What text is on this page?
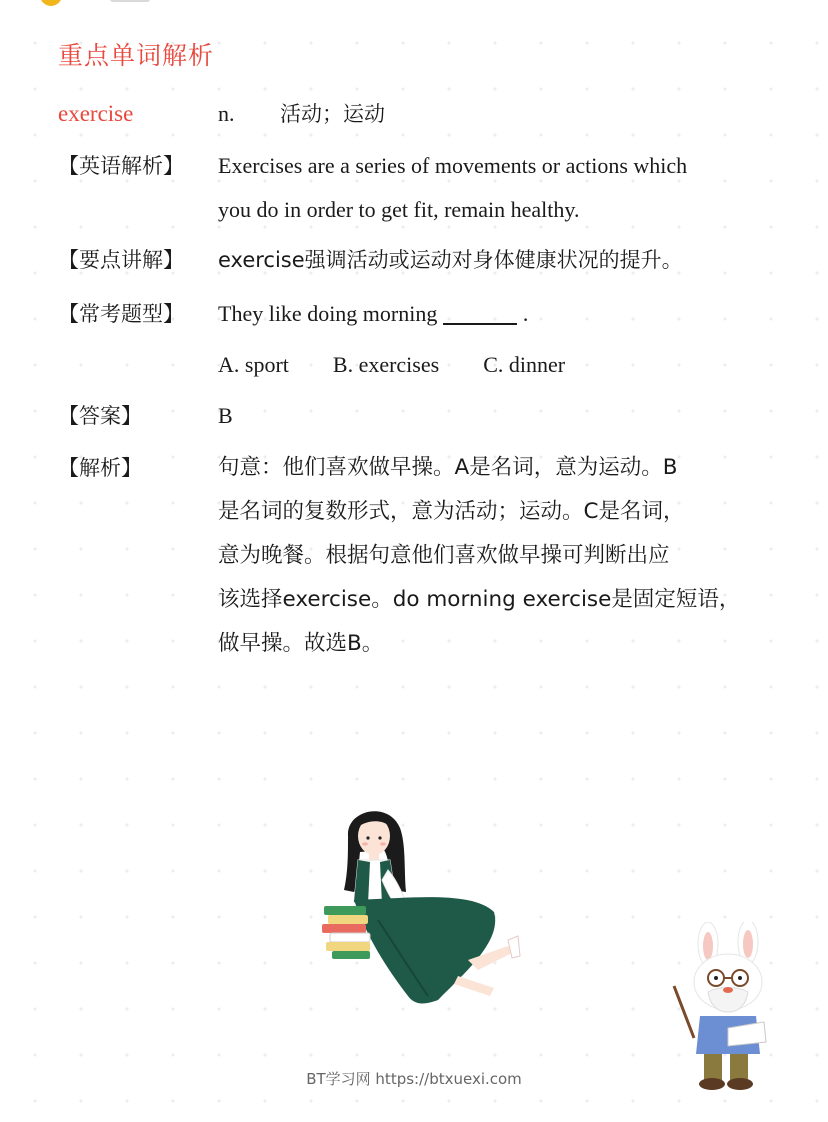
重点单词解析
exercise	n. 活动；运动
【英语解析】 Exercises are a series of movements or actions which
you do in order to get fit, remain healthy.
【要点讲解】 exercise强调活动或运动对身体健康状况的提升。
【常考题型】 They like doing morning	.
A. sport B. exercises C. dinner
【答案】	B
【解析】	句意：他们喜欢做早操。A是名词，意为运动。B
是名词的复数形式，意为活动；运动。C是名词，
意为晚餐。根据句意他们喜欢做早操可判断出应
该选择exercise。do morning exercise是固定短语，
做早操。故选B。
BT学习网 https://btxuexi.com
